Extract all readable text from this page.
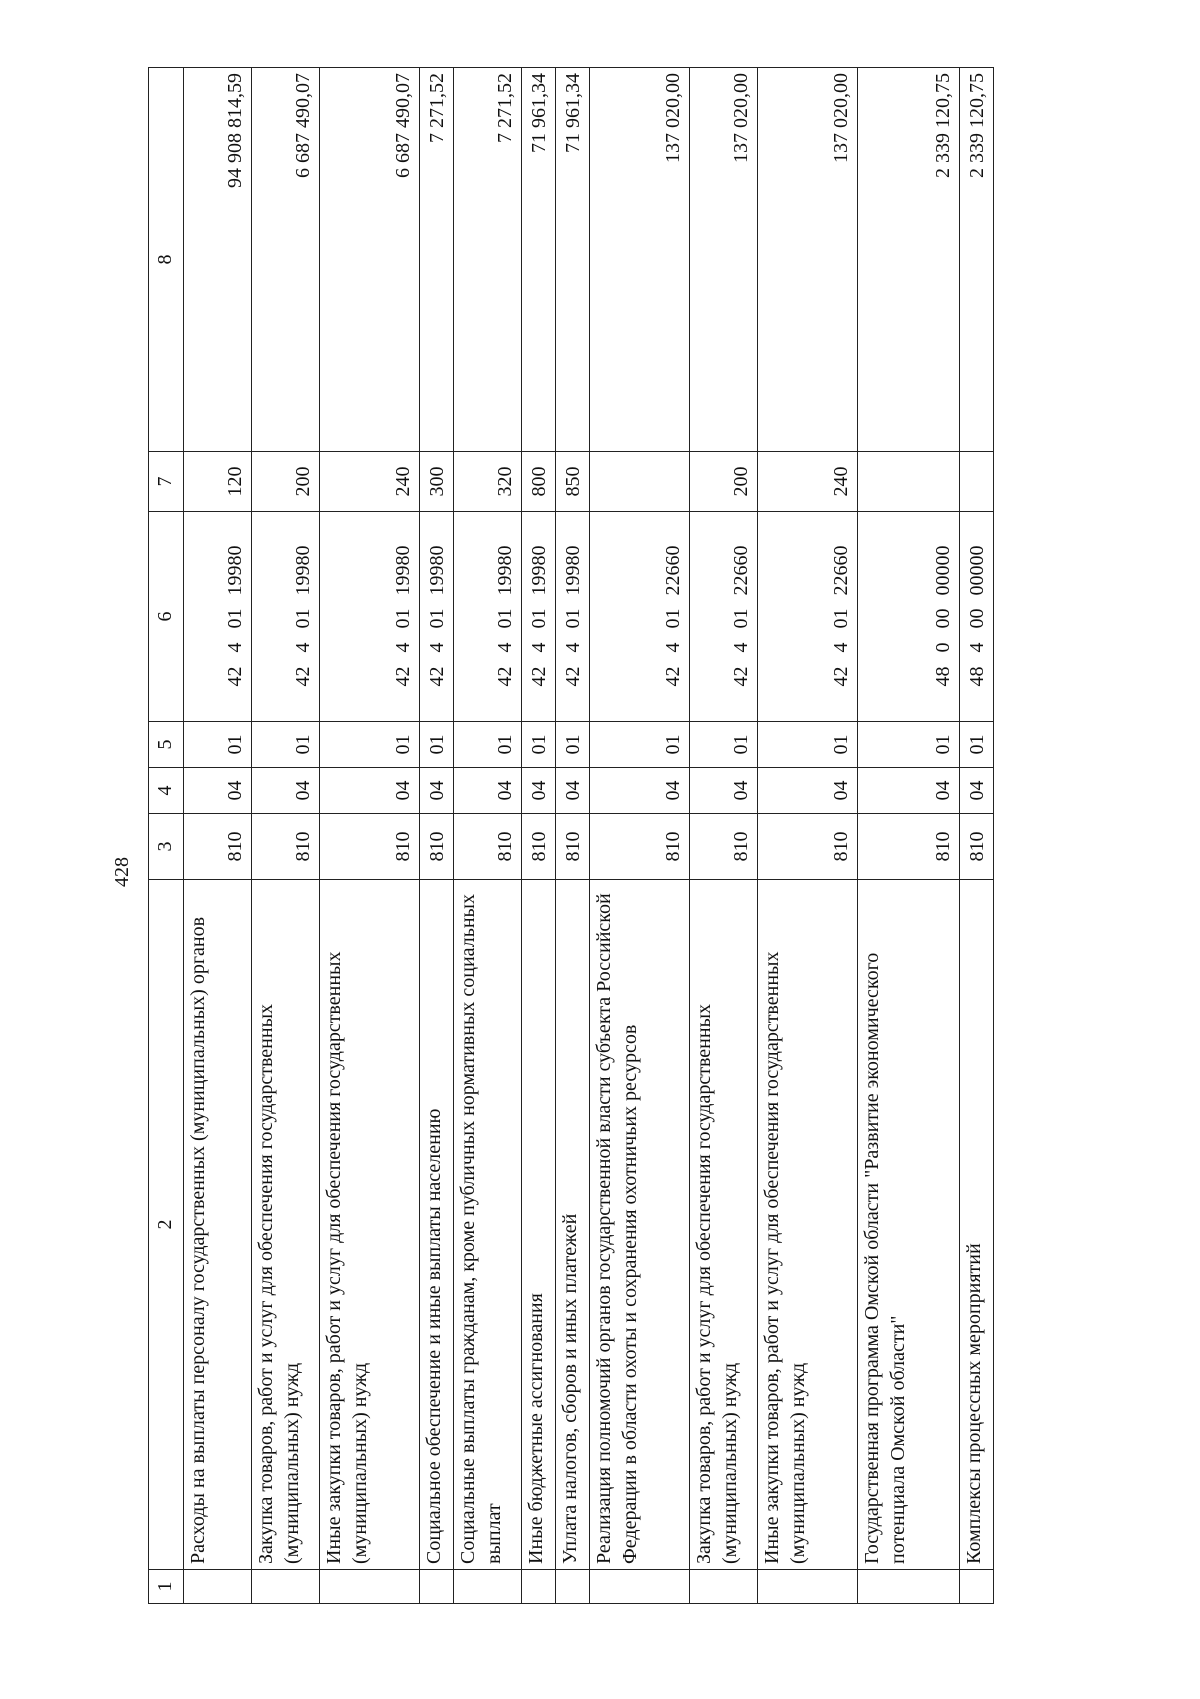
428
1	2	3	4	5	6	7	8
	Расходы на выплаты персоналу государственных (муниципальных) органов	810	04	01	4240119980	120	94 908 814,59
	Закупка товаров, работ и услуг для обеспечения государственных (муниципальных) нужд	810	04	01	4240119980	200	6 687 490,07
	Иные закупки товаров, работ и услуг для обеспечения государственных (муниципальных) нужд	810	04	01	4240119980	240	6 687 490,07
	Социальное обеспечение и иные выплаты населению	810	04	01	4240119980	300	7 271,52
	Социальные выплаты гражданам, кроме публичных нормативных социальных выплат	810	04	01	4240119980	320	7 271,52
	Иные бюджетные ассигнования	810	04	01	4240119980	800	71 961,34
	Уплата налогов, сборов и иных платежей	810	04	01	4240119980	850	71 961,34
	Реализация полномочий органов государственной власти субъекта Российской Федерации в области охоты и сохранения охотничьих ресурсов	810	04	01	4240122660		137 020,00
	Закупка товаров, работ и услуг для обеспечения государственных (муниципальных) нужд	810	04	01	4240122660	200	137 020,00
	Иные закупки товаров, работ и услуг для обеспечения государственных (муниципальных) нужд	810	04	01	4240122660	240	137 020,00
	Государственная программа Омской области "Развитие экономического потенциала Омской области"	810	04	01	4800000000		2 339 120,75
	Комплексы процессных мероприятий	810	04	01	4840000000		2 339 120,75
